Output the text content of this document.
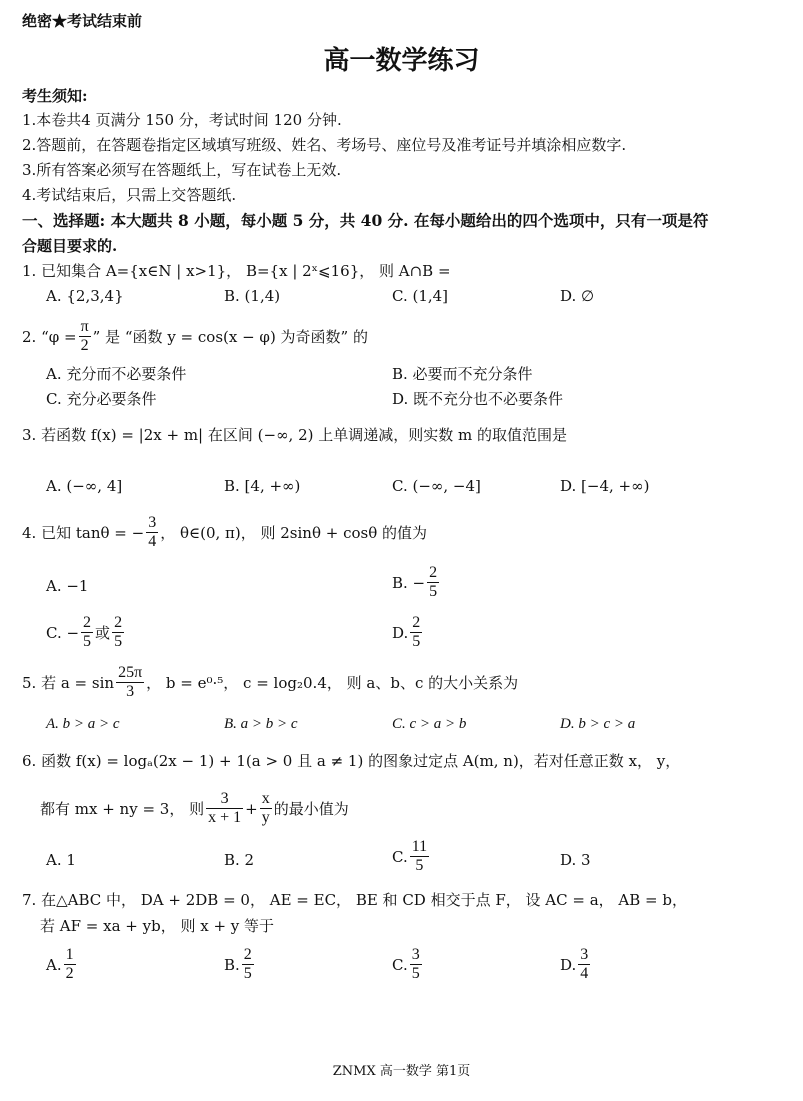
绝密★考试结束前
高一数学练习
考生须知:
1.本卷共4 页满分 150 分，考试时间 120 分钟.
2.答题前，在答题卷指定区域填写班级、姓名、考场号、座位号及准考证号并填涂相应数字.
3.所有答案必须写在答题纸上，写在试卷上无效.
4.考试结束后，只需上交答题纸.
一、选择题: 本大题共 8 小题，每小题 5 分，共 40 分. 在每小题给出的四个选项中，只有一项是符
合题目要求的.
1. 已知集合 A={x∈N | x>1}， B={x | 2ˣ⩽16}， 则 A∩B =
A. {2,3,4}	B. (1,4)	C. (1,4]	D. ∅
2. “$\varphi = \frac{\pi}{2}$ ” 是 “函数 y = cos(x − φ) 为奇函数” 的
A. 充分而不必要条件	B. 必要而不充分条件
C. 充分必要条件	D. 既不充分也不必要条件
3. 若函数 f(x) = |2x + m| 在区间 (−∞, 2) 上单调递减，则实数 m 的取值范围是
A. (−∞, 4]	B. [4, +∞)	C. (−∞, −4]	D. [−4, +∞)
4. 已知 tanθ = − $\frac{3}{4}$ ， θ∈(0, π)， 则 2sinθ + cosθ 的值为
A. −1	B. − $\frac{2}{5}$
C. − $\frac{2}{5}$ 或 $\frac{2}{5}$	D. $\frac{2}{5}$
5. 若 $a = \sin \frac{25\pi}{3}$ ， b = e⁰·⁵， c = log₂0.4， 则 a、b、c 的大小关系为
A. b > a > c	B. a > b > c	C. c > a > b	D. b > c > a
6. 函数 f(x) = logₐ(2x − 1) + 1(a > 0 且 a ≠ 1) 的图象过定点 A(m, n)，若对任意正数 x， y，
都有 mx + ny = 3， 则 $\frac{3}{x + 1} + \frac{x}{y}$ 的最小值为
A. 1	B. 2	C. $\frac{11}{5}$	D. 3
7. 在△ABC 中， DA + 2DB = 0， AE = EC， BE 和 CD 相交于点 F， 设 AC = a， AB = b，
若 AF = xa + yb， 则 x + y 等于
A. $\frac{1}{2}$	B. $\frac{2}{5}$	C. $\frac{3}{5}$	D. $\frac{3}{4}$
ZNMX 高一数学 第1页
